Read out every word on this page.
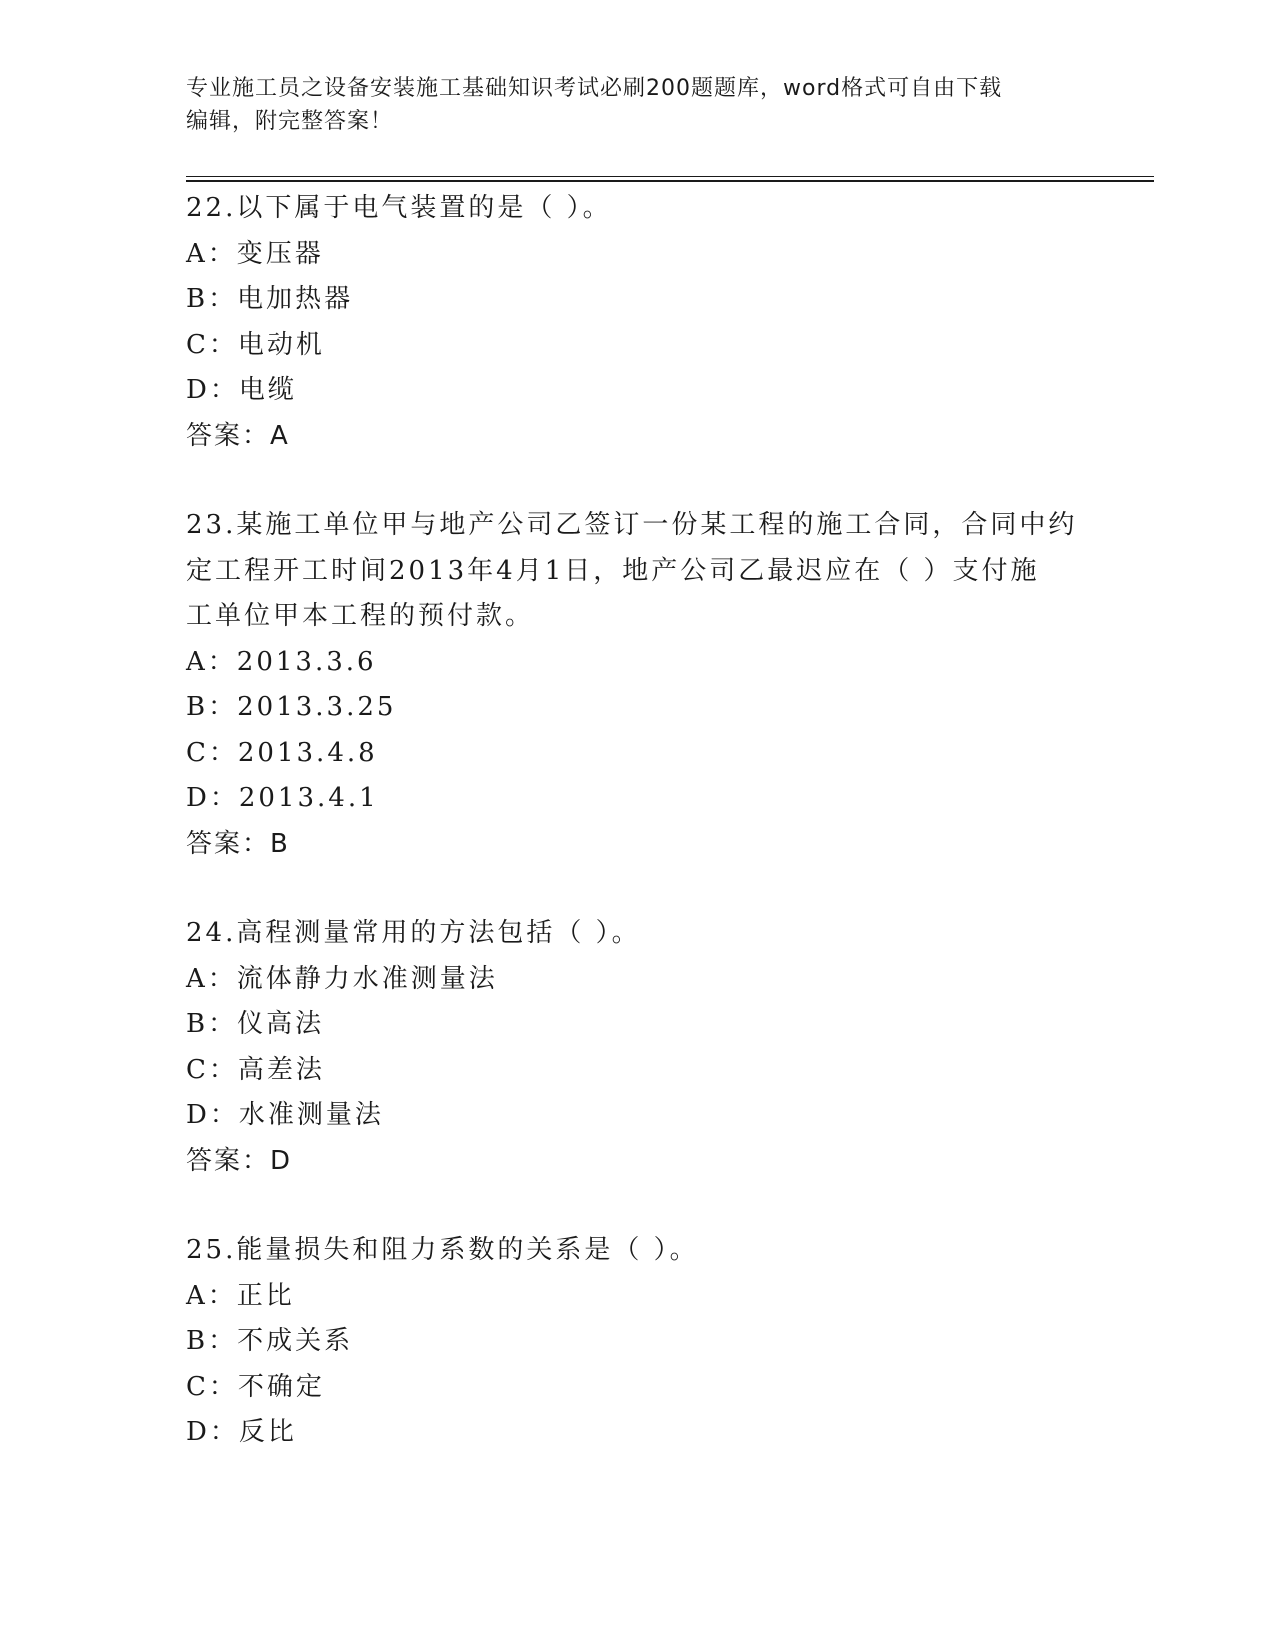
专业施工员之设备安装施工基础知识考试必刷200题题库，word格式可自由下载
编辑，附完整答案！
22.以下属于电气装置的是（ ）。
A：变压器
B：电加热器
C：电动机
D：电缆
答案：A
23.某施工单位甲与地产公司乙签订一份某工程的施工合同，合同中约
定工程开工时间2013年4月1日，地产公司乙最迟应在（ ）支付施
工单位甲本工程的预付款。
A：2013.3.6
B：2013.3.25
C：2013.4.8
D：2013.4.1
答案：B
24.高程测量常用的方法包括（ ）。
A：流体静力水准测量法
B：仪高法
C：高差法
D：水准测量法
答案：D
25.能量损失和阻力系数的关系是（ ）。
A：正比
B：不成关系
C：不确定
D：反比
